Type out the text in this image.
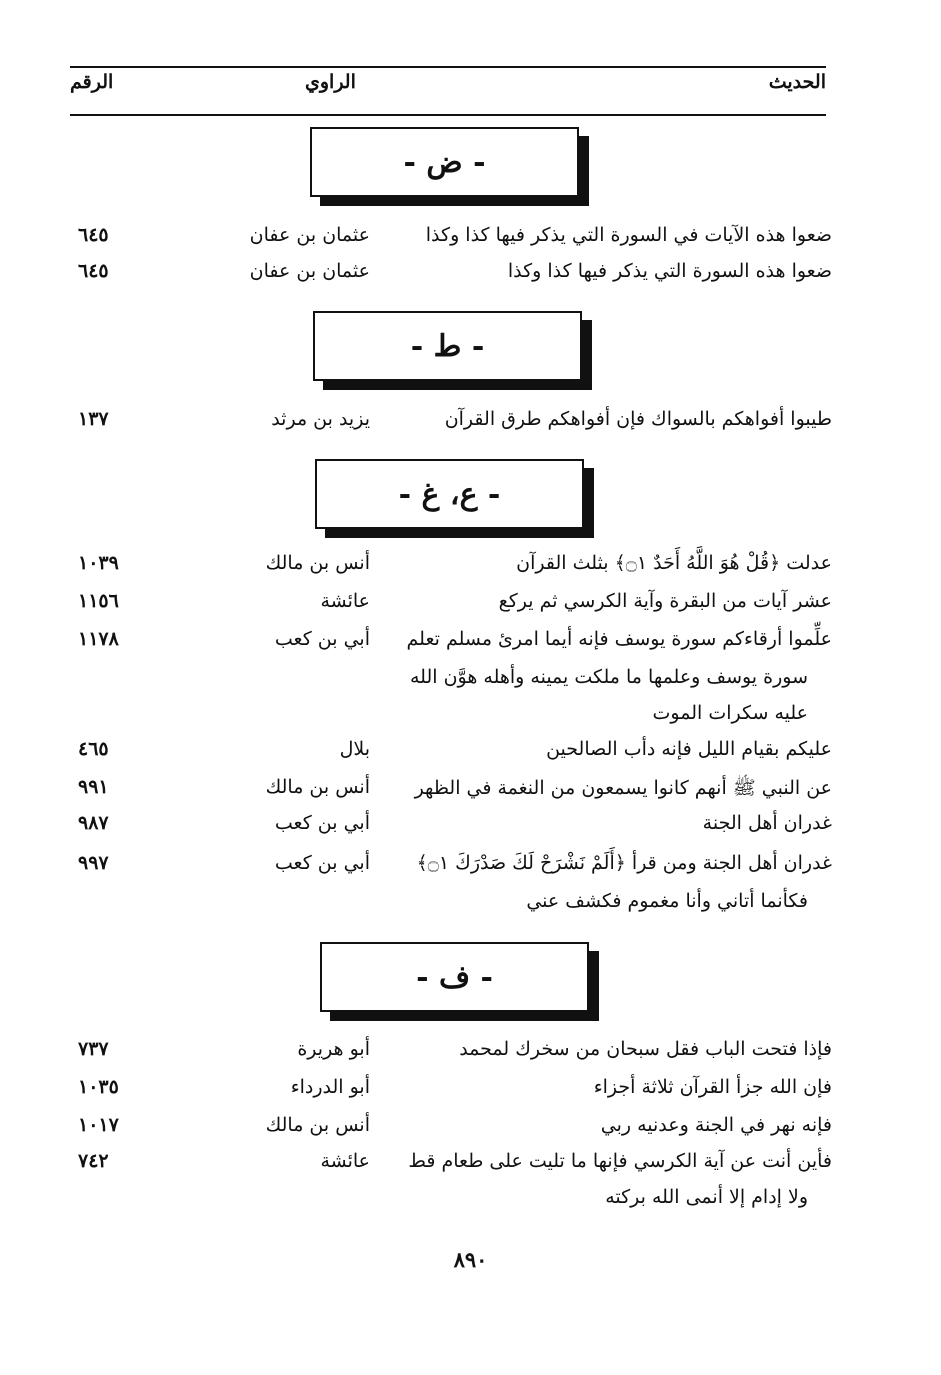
الحديث
الراوي
الرقم
- ض -
ضعوا هذه الآيات في السورة التي يذكر فيها كذا وكذا
عثمان بن عفان
٦٤٥
ضعوا هذه السورة التي يذكر فيها كذا وكذا
عثمان بن عفان
٦٤٥
- ط -
طيبوا أفواهكم بالسواك فإن أفواهكم طرق القرآن
يزيد بن مرثد
١٣٧
- ع، غ -
عدلت ﴿قُلْ هُوَ اللَّهُ أَحَدٌ ۝١﴾ بثلث القرآن
أنس بن مالك
١٠٣٩
عشر آيات من البقرة وآية الكرسي ثم يركع
عائشة
١١٥٦
علِّموا أرقاءكم سورة يوسف فإنه أيما امرئ مسلم تعلم
أبي بن كعب
١١٧٨
سورة يوسف وعلمها ما ملكت يمينه وأهله هوَّن الله
عليه سكرات الموت
عليكم بقيام الليل فإنه دأب الصالحين
بلال
٤٦٥
عن النبي ﷺ أنهم كانوا يسمعون من النغمة في الظهر
أنس بن مالك
٩٩١
غدران أهل الجنة
أبي بن كعب
٩٨٧
غدران أهل الجنة ومن قرأ ﴿أَلَمْ نَشْرَحْ لَكَ صَدْرَكَ ۝١﴾
أبي بن كعب
٩٩٧
فكأنما أتاني وأنا مغموم فكشف عني
- ف -
فإذا فتحت الباب فقل سبحان من سخرك لمحمد
أبو هريرة
٧٣٧
فإن الله جزأ القرآن ثلاثة أجزاء
أبو الدرداء
١٠٣٥
فإنه نهر في الجنة وعدنيه ربي
أنس بن مالك
١٠١٧
فأين أنت عن آية الكرسي فإنها ما تليت على طعام قط
عائشة
٧٤٢
ولا إدام إلا أنمى الله بركته
٨٩٠
